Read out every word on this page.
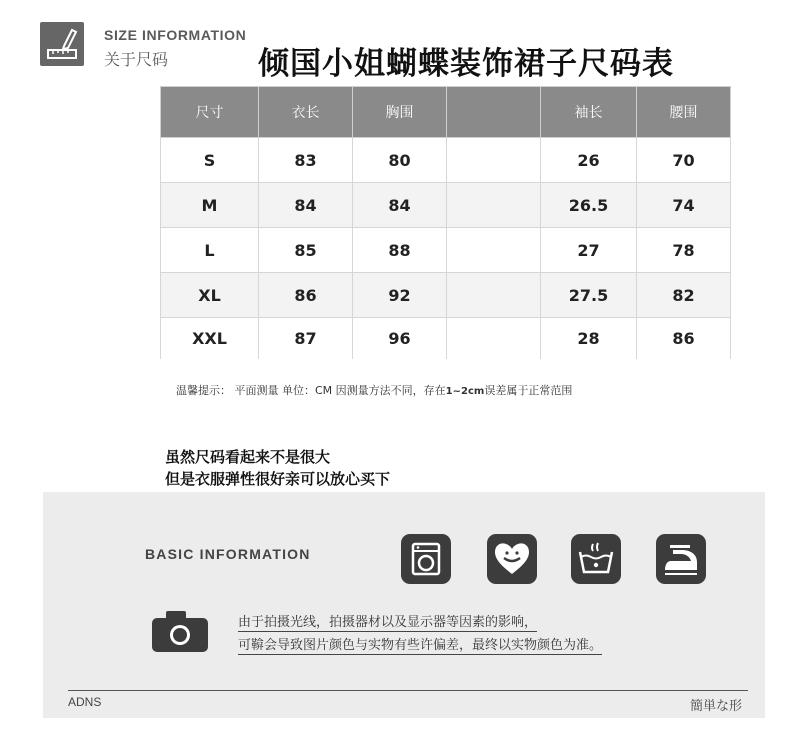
SIZE INFORMATION
关于尺码	倾国小姐蝴蝶装饰裙子尺码表
尺寸	衣长	胸围		袖长	腰围
S	83	80		26	70
M	84	84		26.5	74
L	85	88		27	78
XL	86	92		27.5	82
XXL	87	96		28	86
温馨提示： 平面测量 单位：CM 因测量方法不同，存在1~2cm误差属于正常范围
虽然尺码看起来不是很大
但是衣服弹性很好亲可以放心买下
BASIC INFORMATION
由于拍摄光线，拍摄器材以及显示器等因素的影响，
可鞥会导致图片颜色与实物有些许偏差，最终以实物颜色为准。
ADNS	簡単な形
